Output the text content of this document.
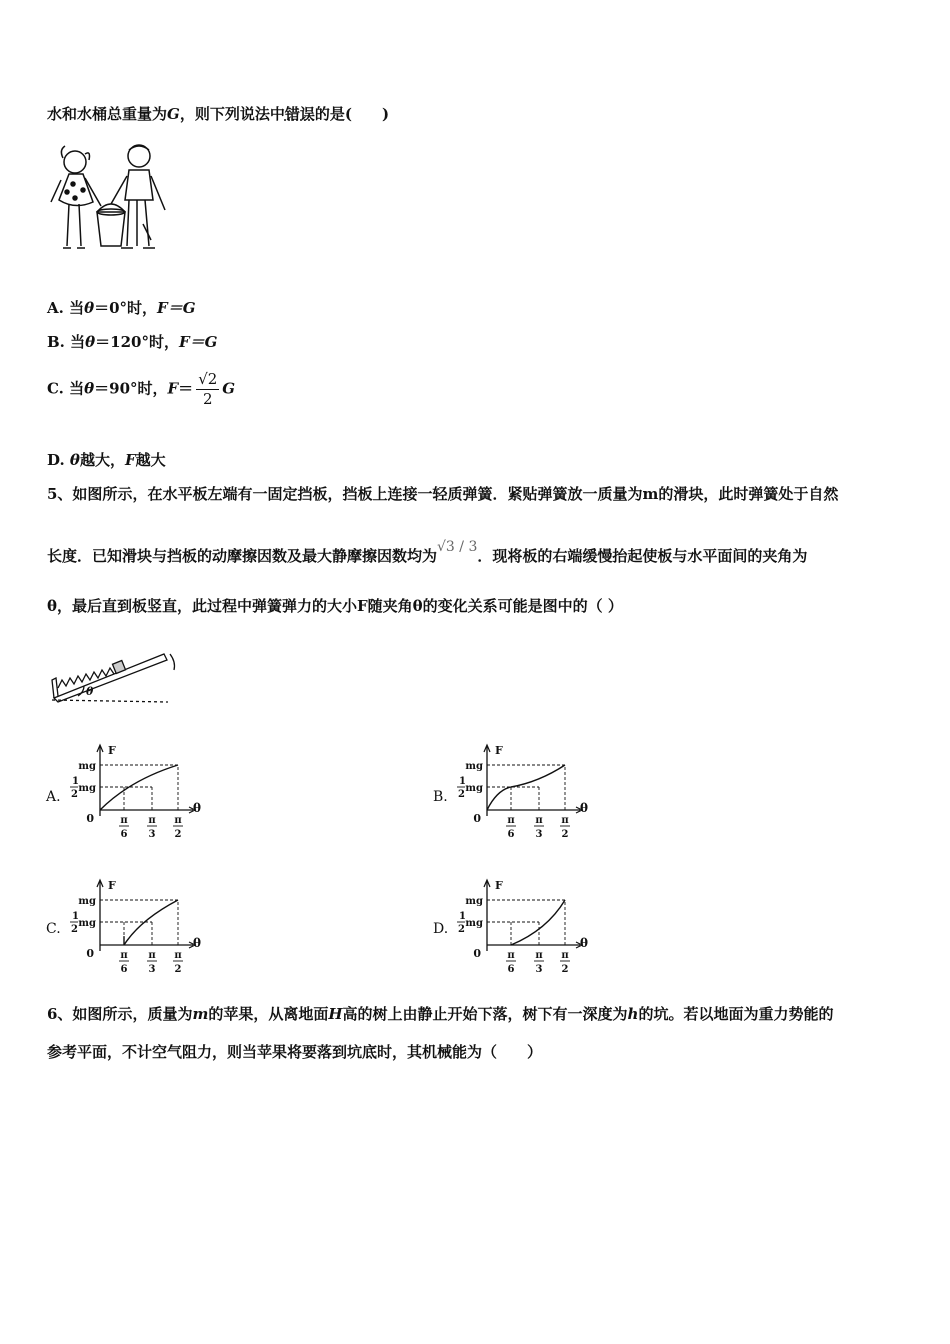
水和水桶总重量为G，则下列说法中错误的是(　　)
A. 当θ＝0°时，F＝G
B. 当θ＝120°时，F＝G
C. 当θ＝90°时，$F= \frac{√2}{2}$ G
D. θ越大，F越大
5、如图所示，在水平板左端有一固定挡板，挡板上连接一轻质弹簧．紧贴弹簧放一质量为m的滑块，此时弹簧处于自然
长度．已知滑块与挡板的动摩擦因数及最大静摩擦因数均为√3 / 3．现将板的右端缓慢抬起使板与水平面间的夹角为
θ，最后直到板竖直，此过程中弹簧弹力的大小F随夹角θ的变化关系可能是图中的（ ）
θ
A.
F
θ
mg
1
2
mg
0	π
6
π
3
π
2
B.
F
θ
mg
1
2
mg
0	π
6
π
3
π
2
C.
F
θ
mg
1
2
mg
0	π
6
π
3
π
2
D.
F
θ
mg
1
2
mg
0	π
6
π
3
π
2
6、如图所示，质量为m的苹果，从离地面H高的树上由静止开始下落，树下有一深度为h的坑。若以地面为重力势能的
参考平面，不计空气阻力，则当苹果将要落到坑底时，其机械能为（　　）
